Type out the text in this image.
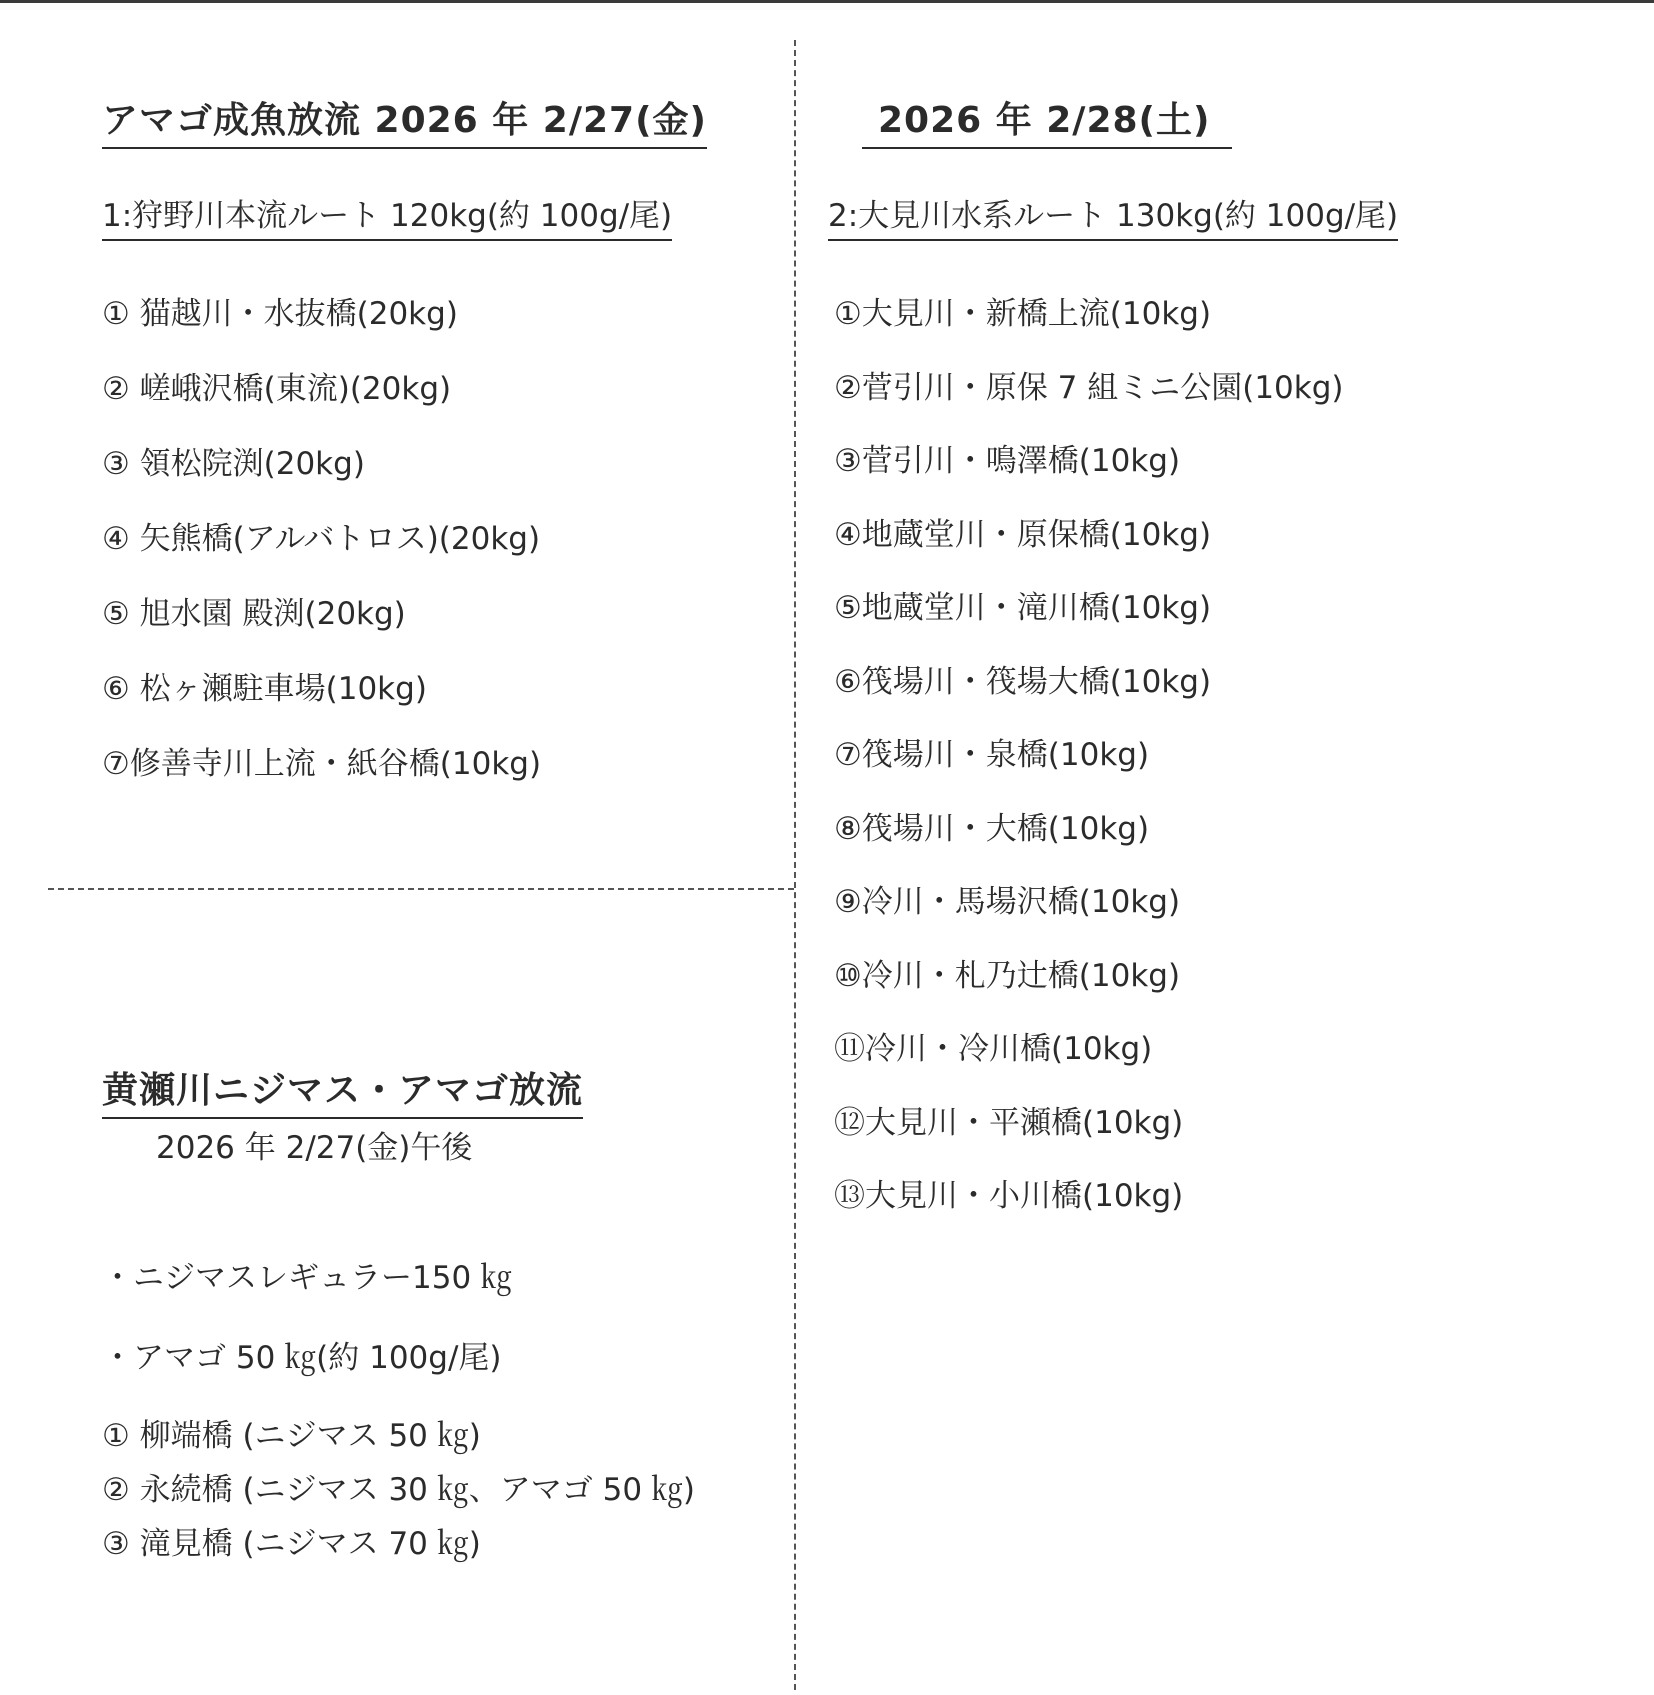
アマゴ成魚放流 2026 年 2/27(金)
1:狩野川本流ルート 120kg(約 100g/尾)
① 猫越川・水抜橋(20kg)
② 嵯峨沢橋(東流)(20kg)
③ 領松院渕(20kg)
④ 矢熊橋(アルバトロス)(20kg)
⑤ 旭水園 殿渕(20kg)
⑥ 松ヶ瀬駐車場(10kg)
⑦修善寺川上流・紙谷橋(10kg)
2026 年 2/28(土)
2:大見川水系ルート 130kg(約 100g/尾)
①大見川・新橋上流(10kg)
②菅引川・原保 7 組ミニ公園(10kg)
③菅引川・鳴澤橋(10kg)
④地蔵堂川・原保橋(10kg)
⑤地蔵堂川・滝川橋(10kg)
⑥筏場川・筏場大橋(10kg)
⑦筏場川・泉橋(10kg)
⑧筏場川・大橋(10kg)
⑨冷川・馬場沢橋(10kg)
⑩冷川・札乃辻橋(10kg)
⑪冷川・冷川橋(10kg)
⑫大見川・平瀬橋(10kg)
⑬大見川・小川橋(10kg)
黄瀬川ニジマス・アマゴ放流
2026 年 2/27(金)午後
・ニジマスレギュラー150 ㎏
・アマゴ 50 ㎏(約 100g/尾)
① 柳端橋 (ニジマス 50 ㎏)
② 永続橋 (ニジマス 30 ㎏、アマゴ 50 ㎏)
③ 滝見橋 (ニジマス 70 ㎏)
